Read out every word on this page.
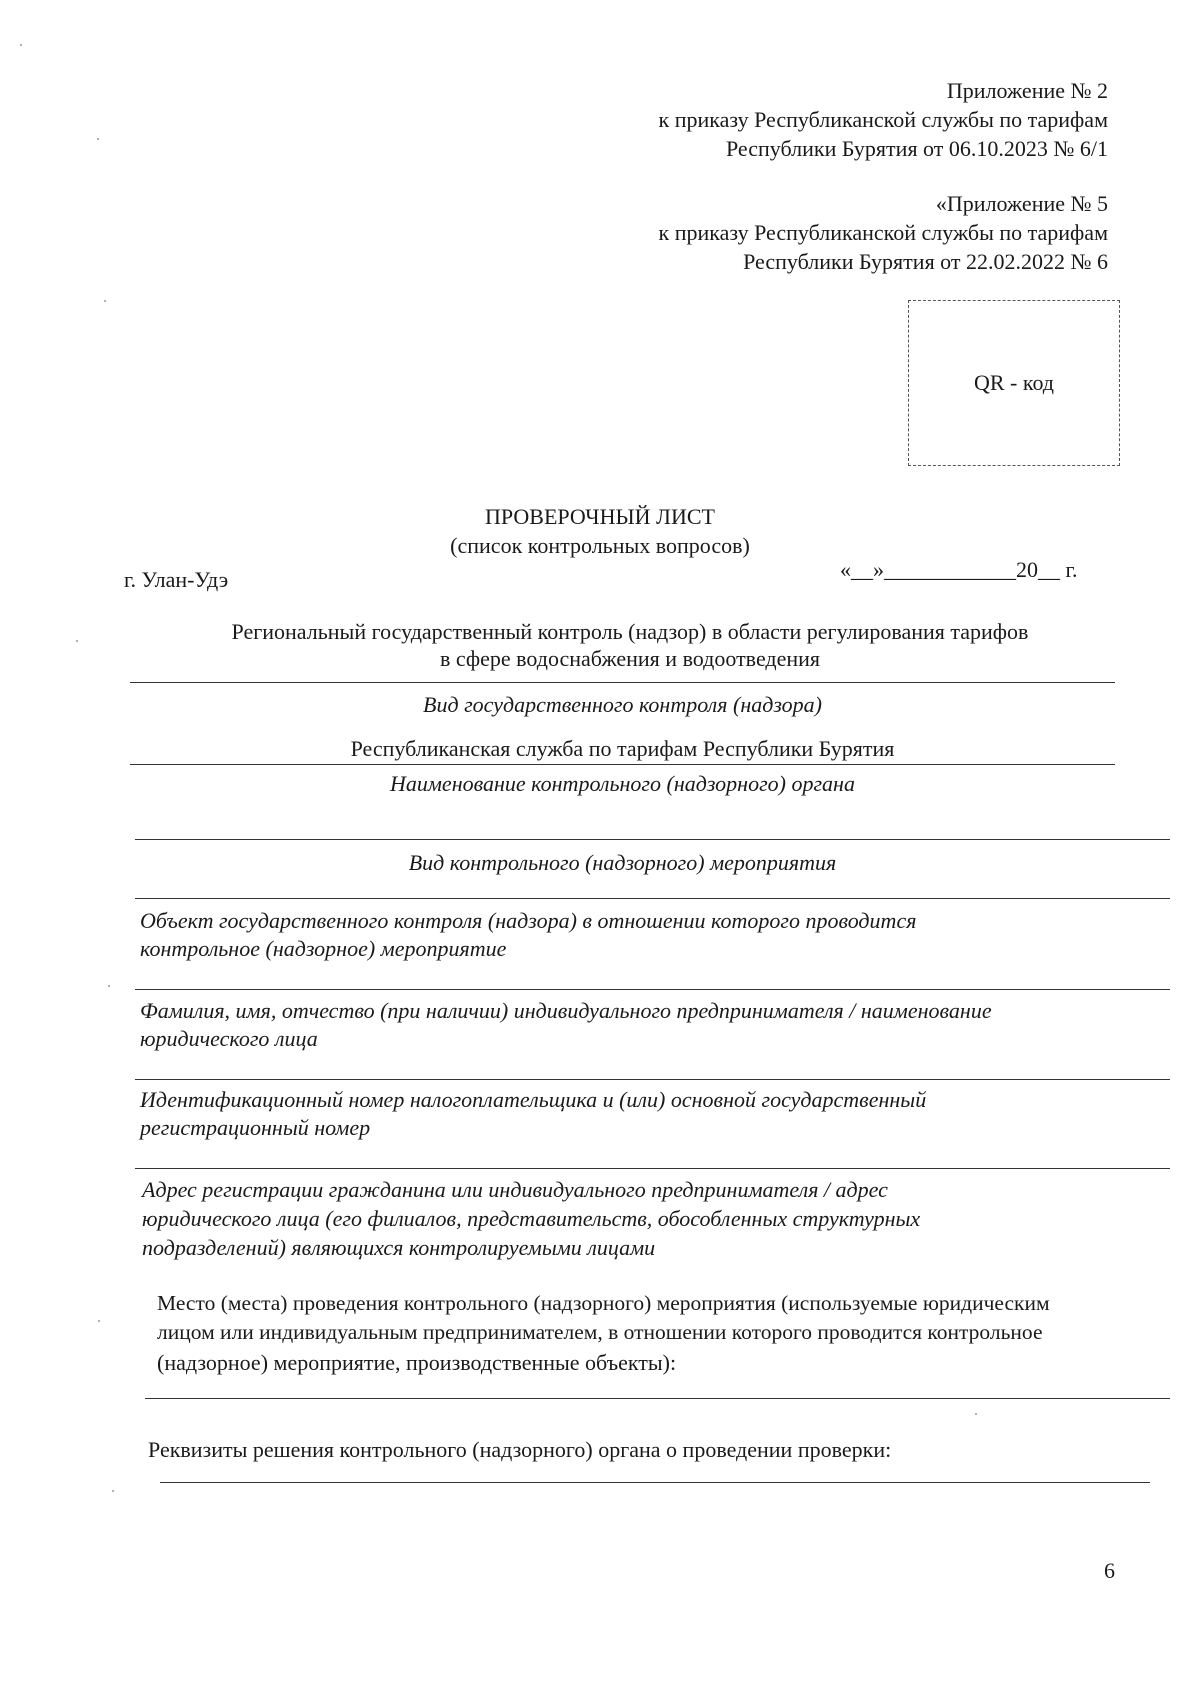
Приложение № 2
к приказу Республиканской службы по тарифам
Республики Бурятия от 06.10.2023 № 6/1
«Приложение № 5
к приказу Республиканской службы по тарифам
Республики Бурятия от 22.02.2022 № 6
QR - код
ПРОВЕРОЧНЫЙ ЛИСТ
(список контрольных вопросов)
г. Улан-Удэ	«__»____________20__ г.
Региональный государственный контроль (надзор) в области регулирования тарифов
в сфере водоснабжения и водоотведения
Вид государственного контроля (надзора)
Республиканская служба по тарифам Республики Бурятия
Наименование контрольного (надзорного) органа
Вид контрольного (надзорного) мероприятия
Объект государственного контроля (надзора) в отношении которого проводится
контрольное (надзорное) мероприятие
Фамилия, имя, отчество (при наличии) индивидуального предпринимателя / наименование
юридического лица
Идентификационный номер налогоплательщика и (или) основной государственный
регистрационный номер
Адрес регистрации гражданина или индивидуального предпринимателя / адрес
юридического лица (его филиалов, представительств, обособленных структурных
подразделений) являющихся контролируемыми лицами
Место (места) проведения контрольного (надзорного) мероприятия (используемые юридическим
лицом или индивидуальным предпринимателем, в отношении которого проводится контрольное
(надзорное) мероприятие, производственные объекты):
Реквизиты решения контрольного (надзорного) органа о проведении проверки:
6
